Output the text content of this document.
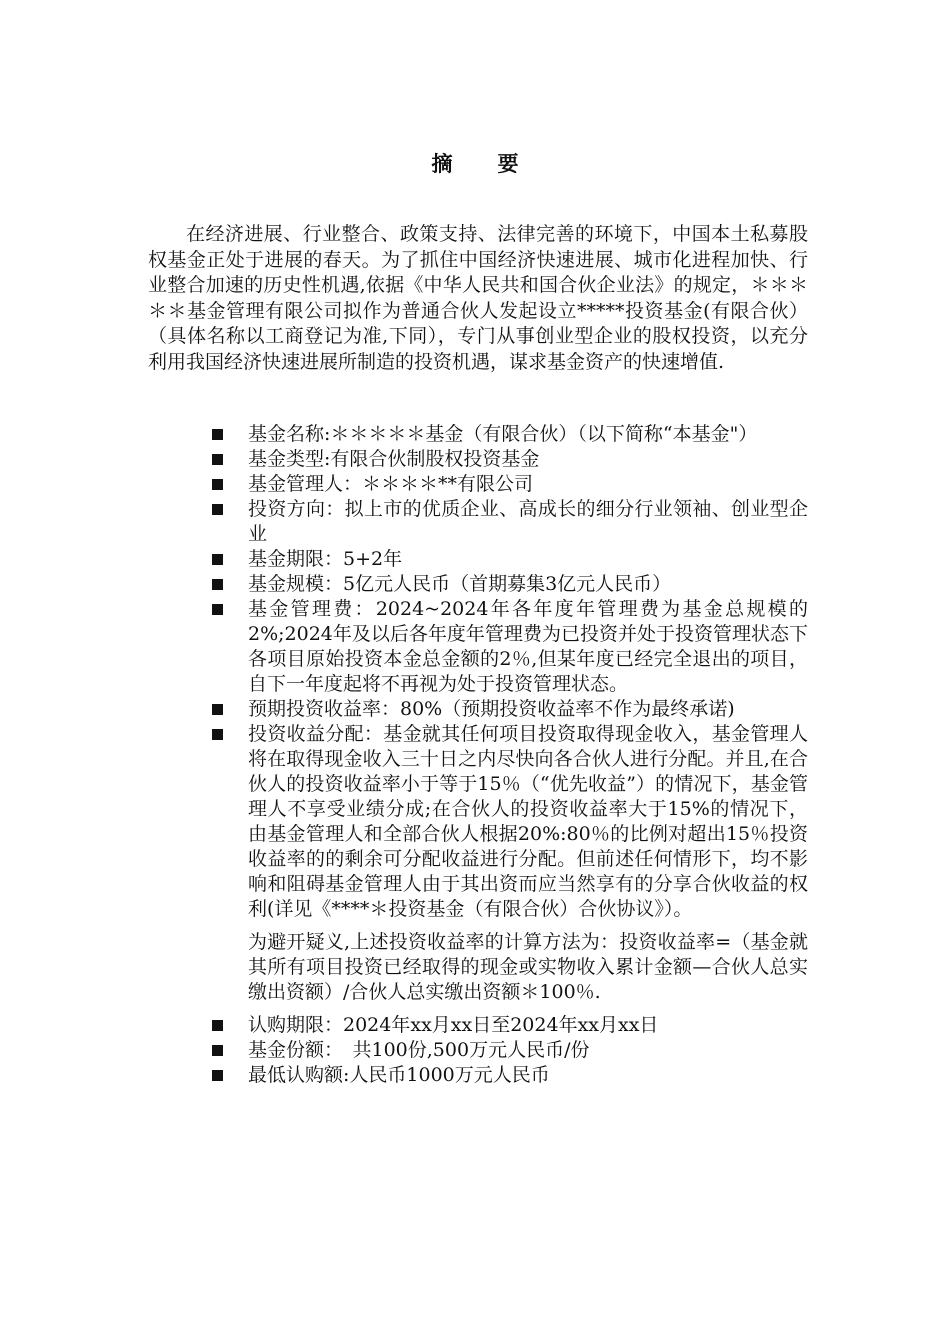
摘 要

在经济进展、行业整合、政策支持、法律完善的环境下，中国本土私募股权基金正处于进展的春天。为了抓住中国经济快速进展、城市化进程加快、行业整合加速的历史性机遇,依据《中华人民共和国合伙企业法》的规定，＊＊＊＊＊基金管理有限公司拟作为普通合伙人发起设立*****投资基金(有限合伙）（具体名称以工商登记为准,下同），专门从事创业型企业的股权投资，以充分利用我国经济快速进展所制造的投资机遇，谋求基金资产的快速增值.

基金名称:＊＊＊＊＊基金（有限合伙）（以下简称“本基金"）
基金类型:有限合伙制股权投资基金
基金管理人：＊＊＊＊**有限公司
投资方向：拟上市的优质企业、高成长的细分行业领袖、创业型企业
基金期限：5+2年
基金规模：5亿元人民币（首期募集3亿元人民币）
基金管理费：2024~2024年各年度年管理费为基金总规模的2%;2024年及以后各年度年管理费为已投资并处于投资管理状态下各项目原始投资本金总金额的2％,但某年度已经完全退出的项目，自下一年度起将不再视为处于投资管理状态。
预期投资收益率：80%（预期投资收益率不作为最终承诺)
投资收益分配：基金就其任何项目投资取得现金收入，基金管理人将在取得现金收入三十日之内尽快向各合伙人进行分配。并且,在合伙人的投资收益率小于等于15％（“优先收益”）的情况下，基金管理人不享受业绩分成;在合伙人的投资收益率大于15%的情况下，由基金管理人和全部合伙人根据20%:80％的比例对超出15％投资收益率的的剩余可分配收益进行分配。但前述任何情形下，均不影响和阻碍基金管理人由于其出资而应当然享有的分享合伙收益的权利(详见《****＊投资基金（有限合伙）合伙协议》）。
为避开疑义,上述投资收益率的计算方法为：投资收益率=（基金就其所有项目投资已经取得的现金或实物收入累计金额—合伙人总实缴出资额）/合伙人总实缴出资额＊100％.
认购期限：2024年xx月xx日至2024年xx月xx日
基金份额：　共100份,500万元人民币/份
最低认购额:人民币1000万元人民币
